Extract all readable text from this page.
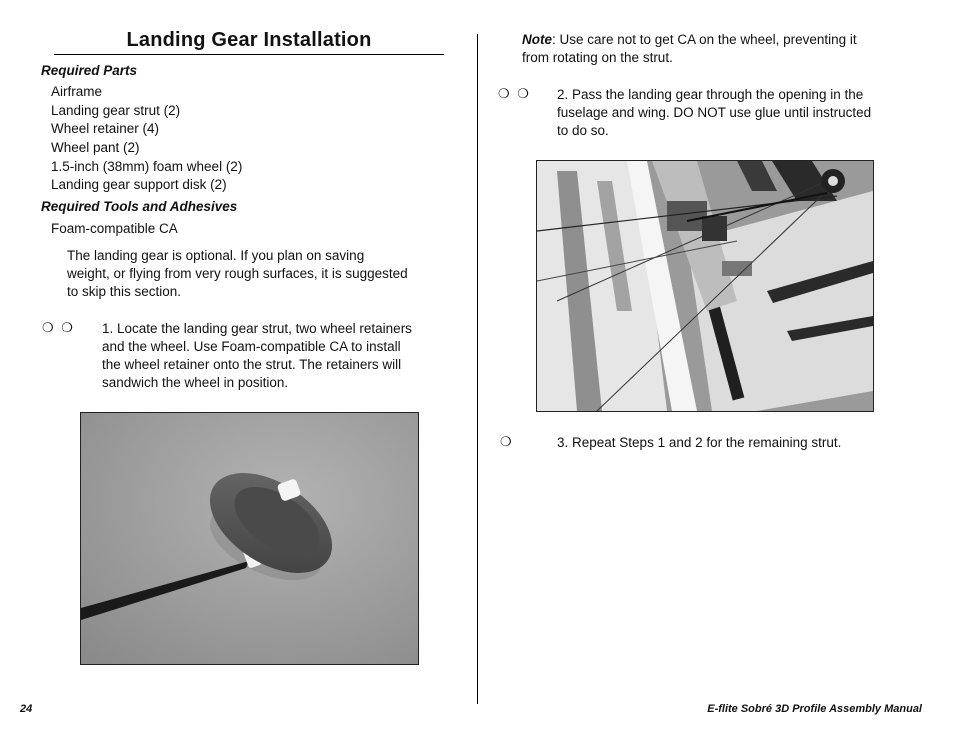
Landing Gear Installation
Required Parts
Airframe
Landing gear strut (2)
Wheel retainer (4)
Wheel pant (2)
1.5-inch (38mm) foam wheel (2)
Landing gear support disk (2)
Required Tools and Adhesives
Foam-compatible CA
The landing gear is optional. If you plan on saving
weight, or flying from very rough surfaces, it is suggested
to skip this section.
❍ ❍ 1. Locate the landing gear strut, two wheel retainers
and the wheel. Use Foam-compatible CA to install
the wheel retainer onto the strut. The retainers will
sandwich the wheel in position.
Note: Use care not to get CA on the wheel, preventing it
from rotating on the strut.
❍ ❍ 2. Pass the landing gear through the opening in the
fuselage and wing. DO NOT use glue until instructed
to do so.
❍	3. Repeat Steps 1 and 2 for the remaining strut.
24	E-flite Sobré 3D Profile Assembly Manual
